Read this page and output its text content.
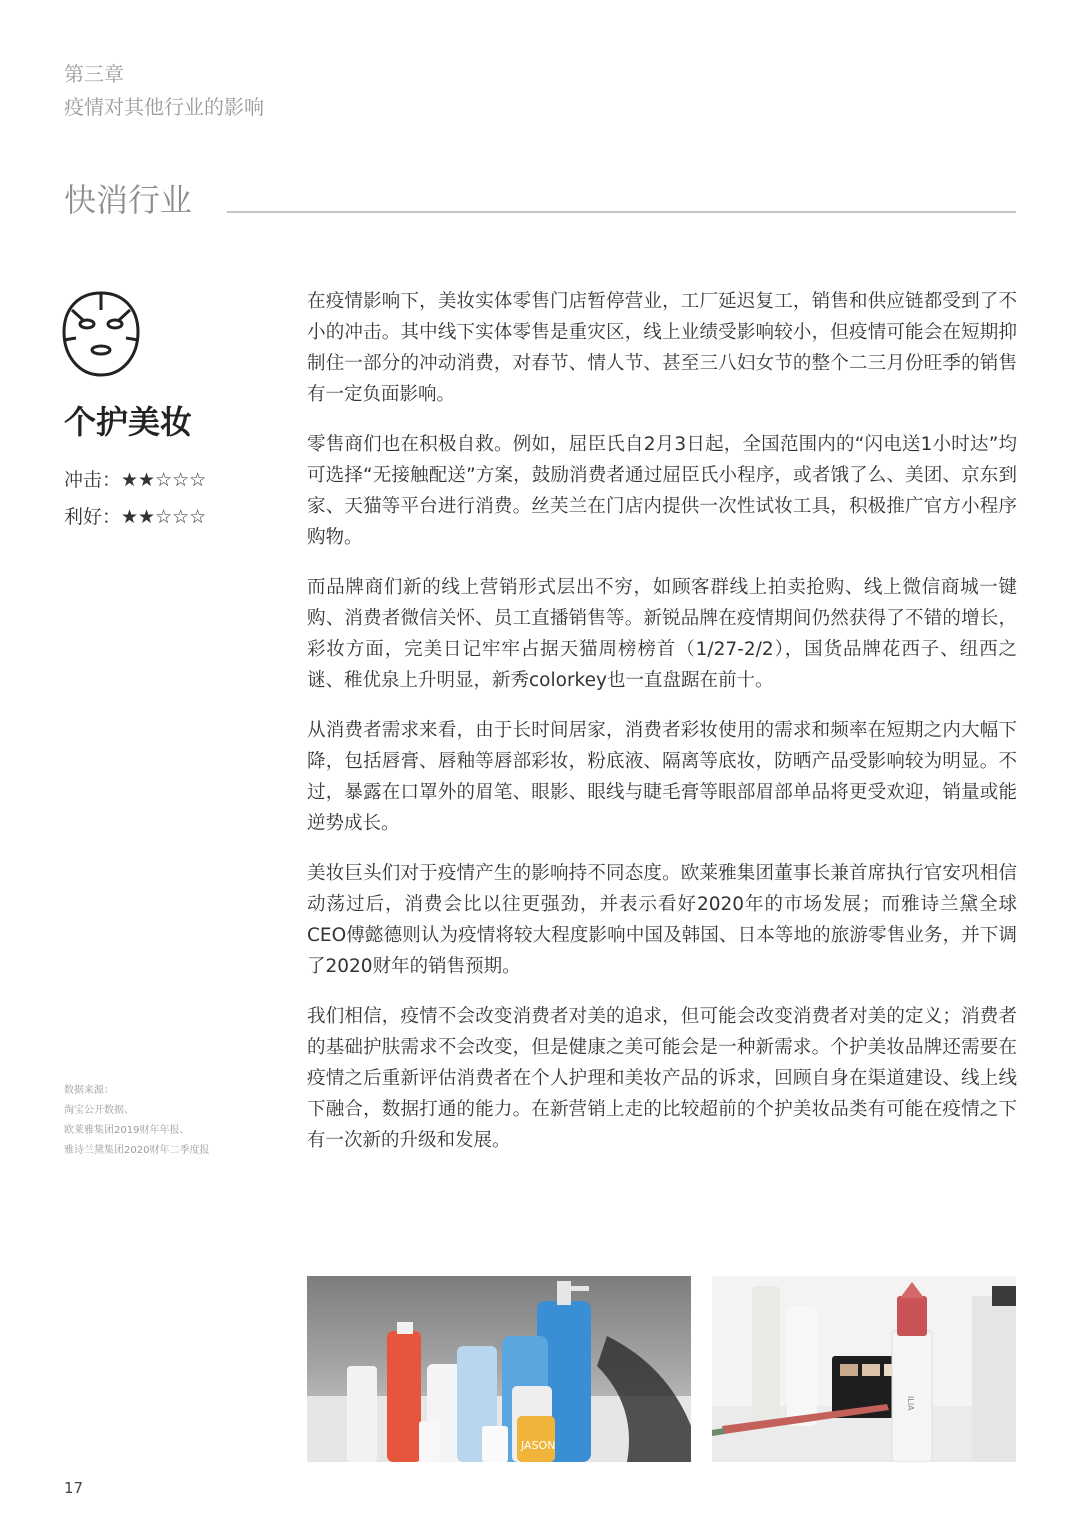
第三章
疫情对其他行业的影响
快消行业
个护美妆
冲击：★★☆☆☆
利好：★★☆☆☆
数据来源：
淘宝公开数据、
欧莱雅集团2019财年年报、
雅诗兰黛集团2020财年二季度报

在疫情影响下，美妆实体零售门店暂停营业，工厂延迟复工，销售和供应链都受到了不小的冲击。其中线下实体零售是重灾区，线上业绩受影响较小，但疫情可能会在短期抑制住一部分的冲动消费，对春节、情人节、甚至三八妇女节的整个二三月份旺季的销售有一定负面影响。

零售商们也在积极自救。例如，屈臣氏自2月3日起，全国范围内的“闪电送1小时达”均可选择“无接触配送”方案，鼓励消费者通过屈臣氏小程序，或者饿了么、美团、京东到家、天猫等平台进行消费。丝芙兰在门店内提供一次性试妆工具，积极推广官方小程序购物。

而品牌商们新的线上营销形式层出不穷，如顾客群线上拍卖抢购、线上微信商城一键购、消费者微信关怀、员工直播销售等。新锐品牌在疫情期间仍然获得了不错的增长，彩妆方面，完美日记牢牢占据天猫周榜榜首（1/27-2/2），国货品牌花西子、纽西之谜、稚优泉上升明显，新秀colorkey也一直盘踞在前十。

从消费者需求来看，由于长时间居家，消费者彩妆使用的需求和频率在短期之内大幅下降，包括唇膏、唇釉等唇部彩妆，粉底液、隔离等底妆，防晒产品受影响较为明显。不过，暴露在口罩外的眉笔、眼影、眼线与睫毛膏等眼部眉部单品将更受欢迎，销量或能逆势成长。

美妆巨头们对于疫情产生的影响持不同态度。欧莱雅集团董事长兼首席执行官安巩相信动荡过后，消费会比以往更强劲，并表示看好2020年的市场发展；而雅诗兰黛全球CEO傅懿德则认为疫情将较大程度影响中国及韩国、日本等地的旅游零售业务，并下调了2020财年的销售预期。

我们相信，疫情不会改变消费者对美的追求，但可能会改变消费者对美的定义；消费者的基础护肤需求不会改变，但是健康之美可能会是一种新需求。个护美妆品牌还需要在疫情之后重新评估消费者在个人护理和美妆产品的诉求，回顾自身在渠道建设、线上线下融合，数据打通的能力。在新营销上走的比较超前的个护美妆品类有可能在疫情之下有一次新的升级和发展。

JASON
ILIA
17
